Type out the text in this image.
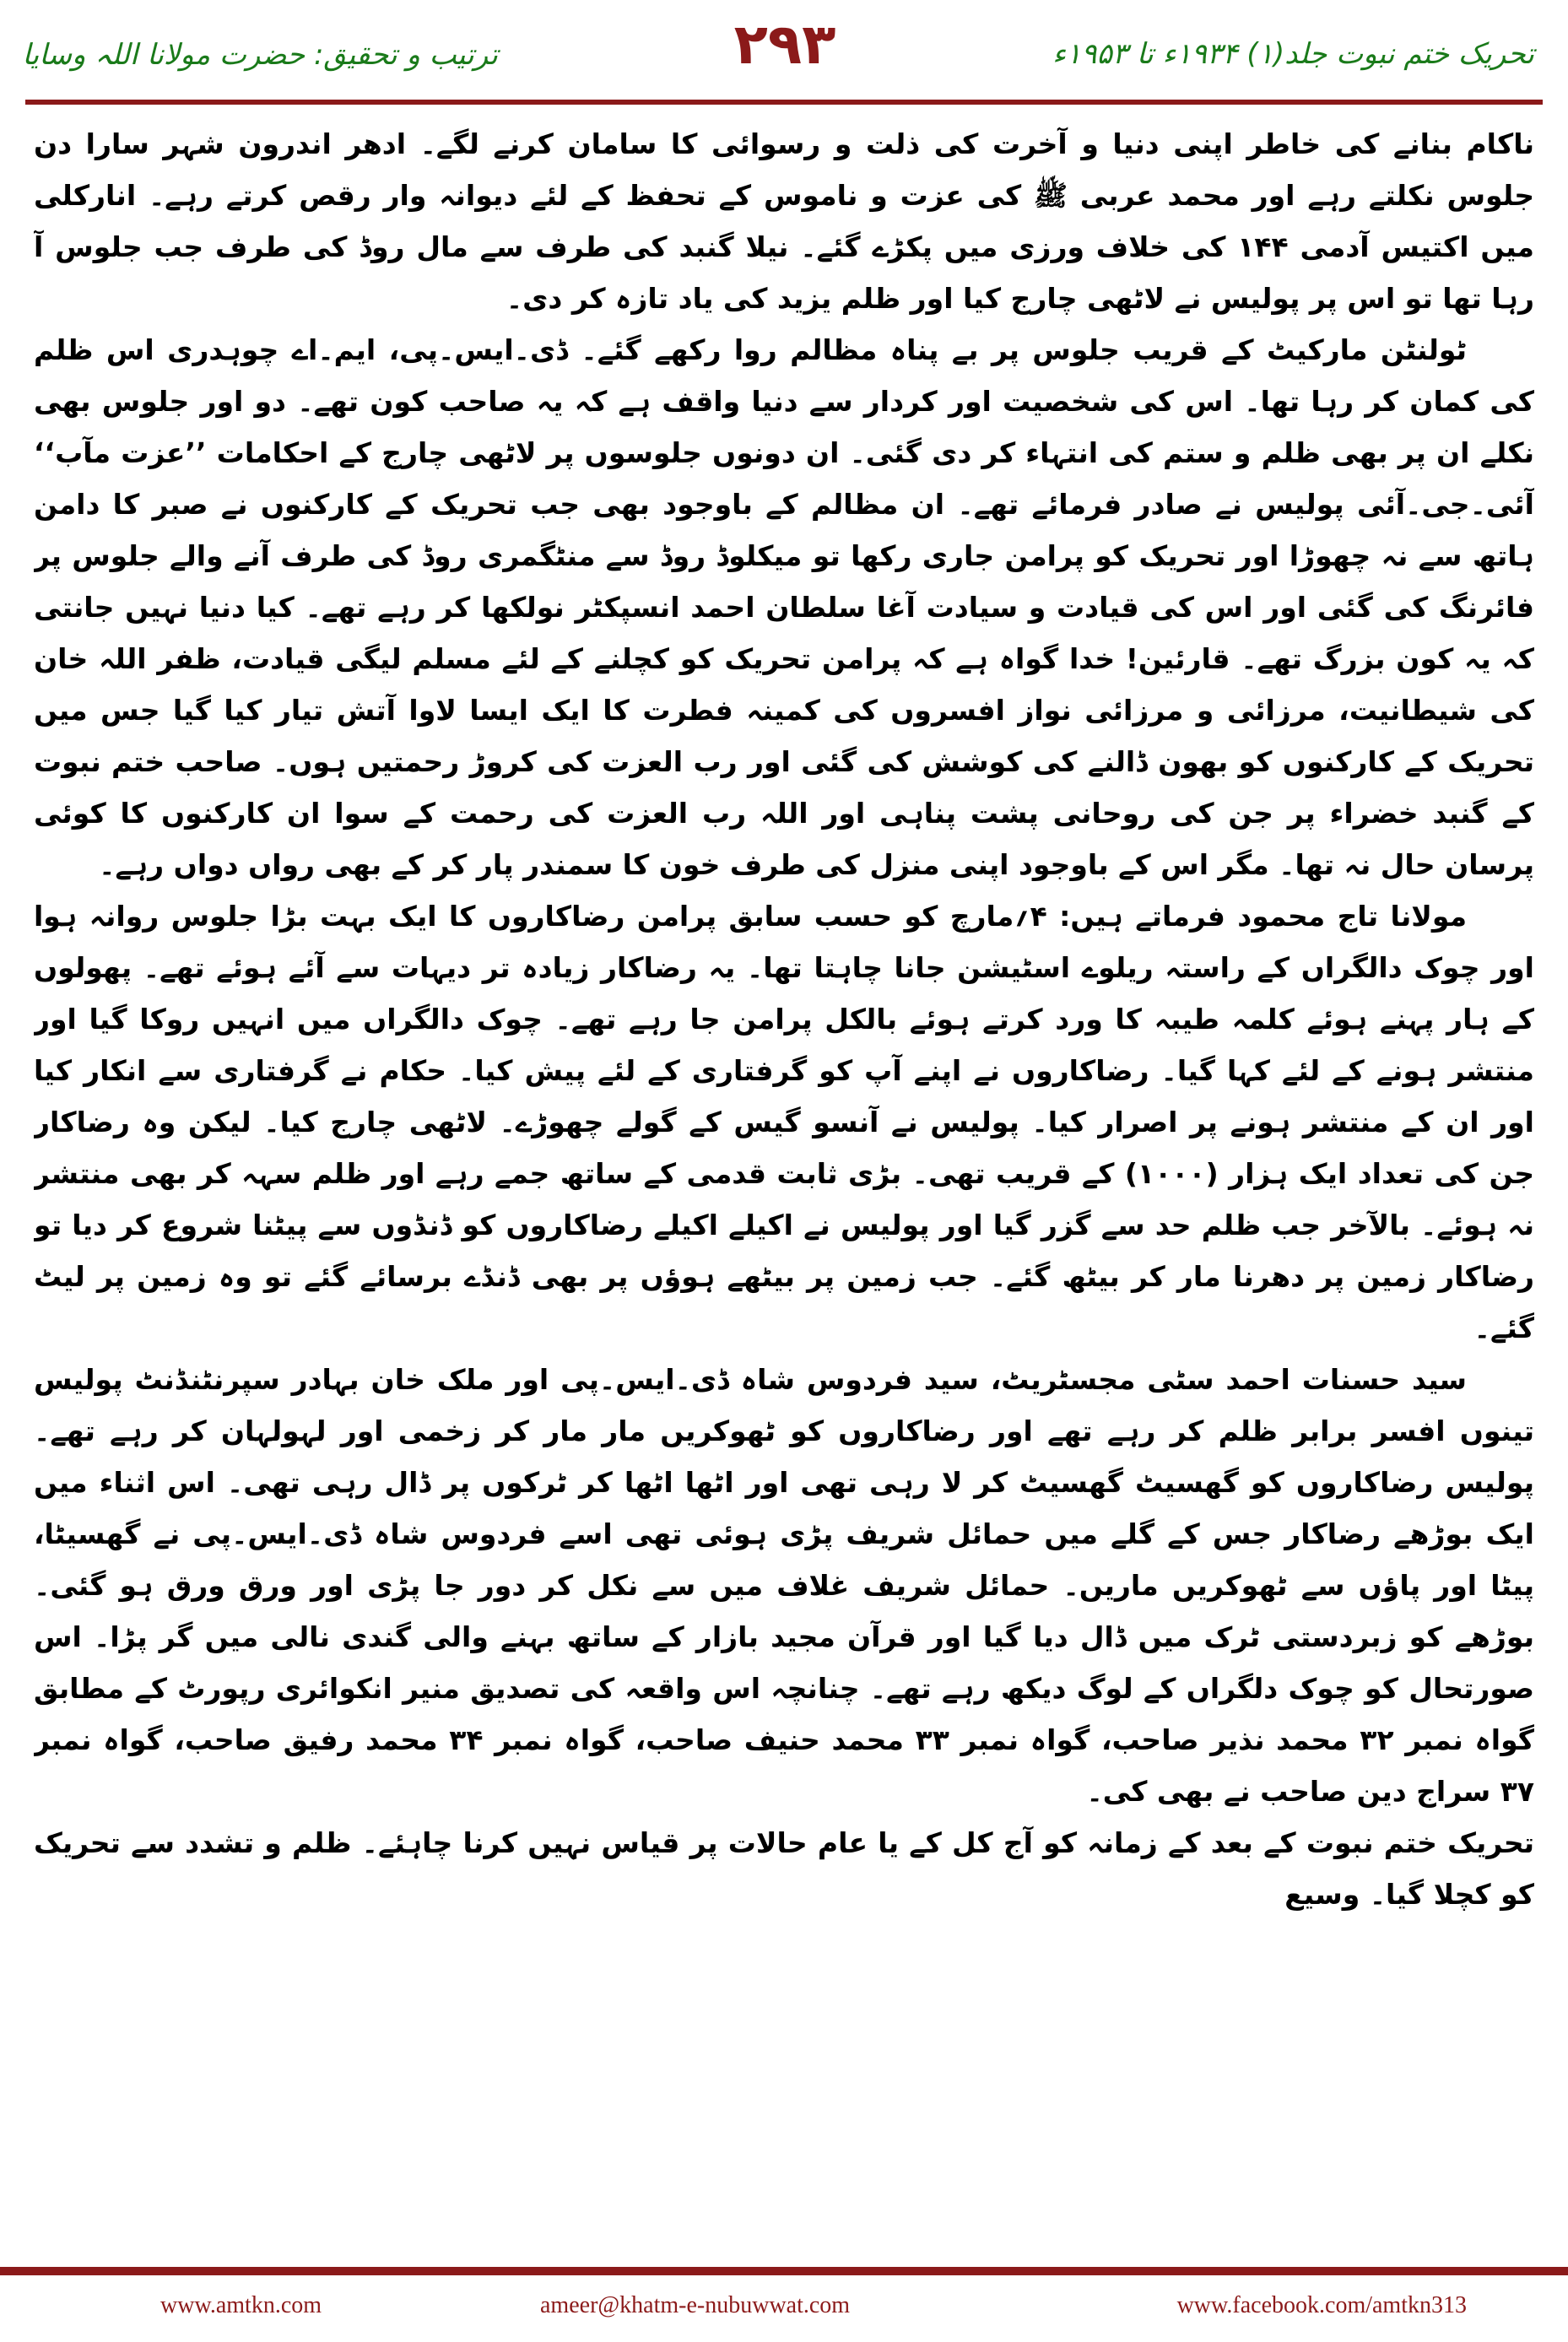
ترتیب و تحقیق: حضرت مولانا اللہ وسایا	۲۹۳	تحریک ختم نبوت جلد(۱) ۱۹۳۴ء تا ۱۹۵۳ء

ناکام بنانے کی خاطر اپنی دنیا و آخرت کی ذلت و رسوائی کا سامان کرنے لگے۔ ادھر اندرون شہر سارا دن جلوس نکلتے رہے اور محمد عربی ﷺ کی عزت و ناموس کے تحفظ کے لئے دیوانہ وار رقص کرتے رہے۔ انارکلی میں اکتیس آدمی ۱۴۴ کی خلاف ورزی میں پکڑے گئے۔ نیلا گنبد کی طرف سے مال روڈ کی طرف جب جلوس آ رہا تھا تو اس پر پولیس نے لاٹھی چارج کیا اور ظلم یزید کی یاد تازہ کر دی۔

ٹولنٹن مارکیٹ کے قریب جلوس پر بے پناہ مظالم روا رکھے گئے۔ ڈی۔ایس۔پی، ایم۔اے چوہدری اس ظلم کی کمان کر رہا تھا۔ اس کی شخصیت اور کردار سے دنیا واقف ہے کہ یہ صاحب کون تھے۔ دو اور جلوس بھی نکلے ان پر بھی ظلم و ستم کی انتہاء کر دی گئی۔ ان دونوں جلوسوں پر لاٹھی چارج کے احکامات ’’عزت مآب‘‘ آئی۔جی۔آئی پولیس نے صادر فرمائے تھے۔ ان مظالم کے باوجود بھی جب تحریک کے کارکنوں نے صبر کا دامن ہاتھ سے نہ چھوڑا اور تحریک کو پرامن جاری رکھا تو میکلوڈ روڈ سے منٹگمری روڈ کی طرف آنے والے جلوس پر فائرنگ کی گئی اور اس کی قیادت و سیادت آغا سلطان احمد انسپکٹر نولکھا کر رہے تھے۔ کیا دنیا نہیں جانتی کہ یہ کون بزرگ تھے۔ قارئین! خدا گواہ ہے کہ پرامن تحریک کو کچلنے کے لئے مسلم لیگی قیادت، ظفر اللہ خان کی شیطانیت، مرزائی و مرزائی نواز افسروں کی کمینہ فطرت کا ایک ایسا لاوا آتش تیار کیا گیا جس میں تحریک کے کارکنوں کو بھون ڈالنے کی کوشش کی گئی اور رب العزت کی کروڑ رحمتیں ہوں۔ صاحب ختم نبوت کے گنبد خضراء پر جن کی روحانی پشت پناہی اور اللہ رب العزت کی رحمت کے سوا ان کارکنوں کا کوئی پرسان حال نہ تھا۔ مگر اس کے باوجود اپنی منزل کی طرف خون کا سمندر پار کر کے بھی رواں دواں رہے۔

مولانا تاج محمود فرماتے ہیں: ۴؍مارچ کو حسب سابق پرامن رضاکاروں کا ایک بہت بڑا جلوس روانہ ہوا اور چوک دالگراں کے راستہ ریلوے اسٹیشن جانا چاہتا تھا۔ یہ رضاکار زیادہ تر دیہات سے آئے ہوئے تھے۔ پھولوں کے ہار پہنے ہوئے کلمہ طیبہ کا ورد کرتے ہوئے بالکل پرامن جا رہے تھے۔ چوک دالگراں میں انہیں روکا گیا اور منتشر ہونے کے لئے کہا گیا۔ رضاکاروں نے اپنے آپ کو گرفتاری کے لئے پیش کیا۔ حکام نے گرفتاری سے انکار کیا اور ان کے منتشر ہونے پر اصرار کیا۔ پولیس نے آنسو گیس کے گولے چھوڑے۔ لاٹھی چارج کیا۔ لیکن وہ رضاکار جن کی تعداد ایک ہزار (۱۰۰۰) کے قریب تھی۔ بڑی ثابت قدمی کے ساتھ جمے رہے اور ظلم سہہ کر بھی منتشر نہ ہوئے۔ بالآخر جب ظلم حد سے گزر گیا اور پولیس نے اکیلے اکیلے رضاکاروں کو ڈنڈوں سے پیٹنا شروع کر دیا تو رضاکار زمین پر دھرنا مار کر بیٹھ گئے۔ جب زمین پر بیٹھے ہوؤں پر بھی ڈنڈے برسائے گئے تو وہ زمین پر لیٹ گئے۔

سید حسنات احمد سٹی مجسٹریٹ، سید فردوس شاہ ڈی۔ایس۔پی اور ملک خان بہادر سپرنٹنڈنٹ پولیس تینوں افسر برابر ظلم کر رہے تھے اور رضاکاروں کو ٹھوکریں مار مار کر زخمی اور لہولہان کر رہے تھے۔ پولیس رضاکاروں کو گھسیٹ گھسیٹ کر لا رہی تھی اور اٹھا اٹھا کر ٹرکوں پر ڈال رہی تھی۔ اس اثناء میں ایک بوڑھے رضاکار جس کے گلے میں حمائل شریف پڑی ہوئی تھی اسے فردوس شاہ ڈی۔ایس۔پی نے گھسیٹا، پیٹا اور پاؤں سے ٹھوکریں ماریں۔ حمائل شریف غلاف میں سے نکل کر دور جا پڑی اور ورق ورق ہو گئی۔ بوڑھے کو زبردستی ٹرک میں ڈال دیا گیا اور قرآن مجید بازار کے ساتھ بہنے والی گندی نالی میں گر پڑا۔ اس صورتحال کو چوک دلگراں کے لوگ دیکھ رہے تھے۔ چنانچہ اس واقعہ کی تصدیق منیر انکوائری رپورٹ کے مطابق گواہ نمبر ۳۲ محمد نذیر صاحب، گواہ نمبر ۳۳ محمد حنیف صاحب، گواہ نمبر ۳۴ محمد رفیق صاحب، گواہ نمبر ۳۷ سراج دین صاحب نے بھی کی۔

تحریک ختم نبوت کے بعد کے زمانہ کو آج کل کے یا عام حالات پر قیاس نہیں کرنا چاہئے۔ ظلم و تشدد سے تحریک کو کچلا گیا۔ وسیع

www.amtkn.com	ameer@khatm-e-nubuwwat.com	www.facebook.com/amtkn313
